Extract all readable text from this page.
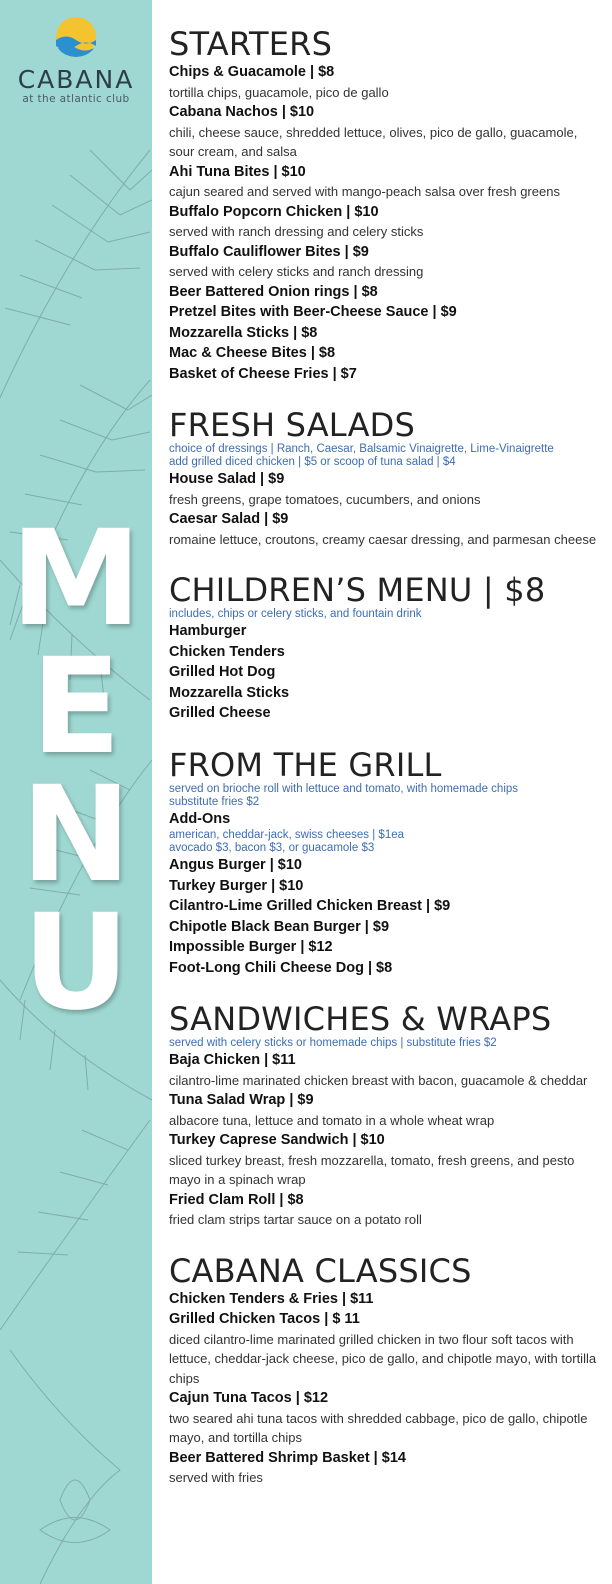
CABANA
at the atlantic club
M
E
N
U
STARTERS
Chips & Guacamole | $8
tortilla chips, guacamole, pico de gallo
Cabana Nachos | $10
chili, cheese sauce, shredded lettuce, olives, pico de gallo, guacamole, sour cream, and salsa
Ahi Tuna Bites | $10
cajun seared and served with mango-peach salsa over fresh greens
Buffalo Popcorn Chicken | $10
served with ranch dressing and celery sticks
Buffalo Cauliflower Bites | $9
served with celery sticks and ranch dressing
Beer Battered Onion rings | $8
Pretzel Bites with Beer-Cheese Sauce | $9
Mozzarella Sticks | $8
Mac & Cheese Bites | $8
Basket of Cheese Fries | $7
FRESH SALADS
choice of dressings | Ranch, Caesar, Balsamic Vinaigrette, Lime-Vinaigrette
add grilled diced chicken | $5 or scoop of tuna salad | $4
House Salad | $9
fresh greens, grape tomatoes, cucumbers, and onions
Caesar Salad | $9
romaine lettuce, croutons, creamy caesar dressing, and parmesan cheese
CHILDREN’S MENU | $8
includes, chips or celery sticks, and fountain drink
Hamburger
Chicken Tenders
Grilled Hot Dog
Mozzarella Sticks
Grilled Cheese
FROM THE GRILL
served on brioche roll with lettuce and tomato, with homemade chips
substitute fries $2
Add-Ons
american, cheddar-jack, swiss cheeses | $1ea
avocado $3, bacon $3, or guacamole $3
Angus Burger | $10
Turkey Burger | $10
Cilantro-Lime Grilled Chicken Breast | $9
Chipotle Black Bean Burger | $9
Impossible Burger | $12
Foot-Long Chili Cheese Dog | $8
SANDWICHES & WRAPS
served with celery sticks or homemade chips | substitute fries $2
Baja Chicken | $11
cilantro-lime marinated chicken breast with bacon, guacamole & cheddar
Tuna Salad Wrap | $9
albacore tuna, lettuce and tomato in a whole wheat wrap
Turkey Caprese Sandwich | $10
sliced turkey breast, fresh mozzarella, tomato, fresh greens, and pesto mayo in a spinach wrap
Fried Clam Roll | $8
fried clam strips tartar sauce on a potato roll
CABANA CLASSICS
Chicken Tenders & Fries | $11
Grilled Chicken Tacos | $ 11
diced cilantro-lime marinated grilled chicken in two flour soft tacos with lettuce, cheddar-jack cheese, pico de gallo, and chipotle mayo, with tortilla chips
Cajun Tuna Tacos | $12
two seared ahi tuna tacos with shredded cabbage, pico de gallo, chipotle mayo, and tortilla chips
Beer Battered Shrimp Basket | $14
served with fries
